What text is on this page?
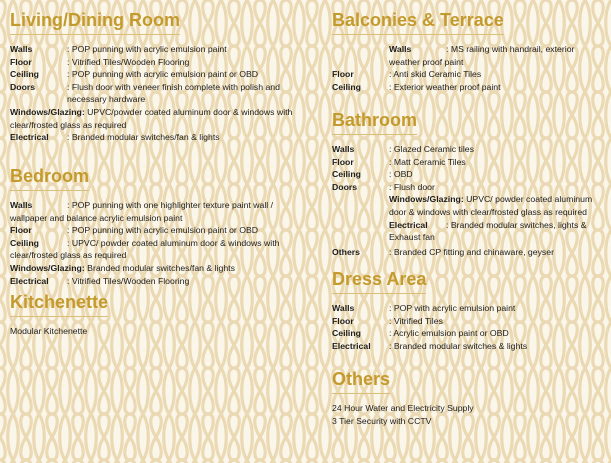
Living/Dining Room
Walls	: POP punning with acrylic emulsion paint
Floor	: Vitrified Tiles/Wooden Flooring
Ceiling	: POP punning with acrylic emulsion paint or OBD
Doors	: Flush door with veneer finish complete with polish and necessary hardware
Windows/Glazing: UPVC/powder coated aluminum door & windows with clear/frosted glass as required
Electrical : Branded modular switches/fan & lights
Bedroom
Walls	: POP punning with one highlighter texture paint wall / wallpaper and balance acrylic emulsion paint
Floor	: POP punning with acrylic emulsion paint or OBD
Ceiling	: UPVC/ powder coated aluminum door & windows with clear/frosted glass as required
Windows/Glazing: Branded modular switches/fan & lights
Electrical : Vitrified Tiles/Wooden Flooring
Kitchenette
Modular Kitchenette
Balconies & Terrace
Walls	: MS railing with handrail, exterior weather proof paint
Floor	: Anti skid Ceramic Tiles
Ceiling	: Exterior weather proof paint
Bathroom
Walls	: Glazed Ceramic tiles
Floor	: Matt Ceramic Tiles
Ceiling	: OBD
Doors	: Flush door
Windows/Glazing: UPVC/ powder coated aluminum door & windows with clear/frosted glass as required
Electrical : Branded modular switches, lights & Exhaust fan
Others	: Branded CP fitting and chinaware, geyser
Dress Area
Walls	: POP with acrylic emulsion paint
Floor	: Vitrified Tiles
Ceiling	: Acrylic emulsion paint or OBD
Electrical : Branded modular switches & lights
Others
24 Hour Water and Electricity Supply
3 Tier Security with CCTV
